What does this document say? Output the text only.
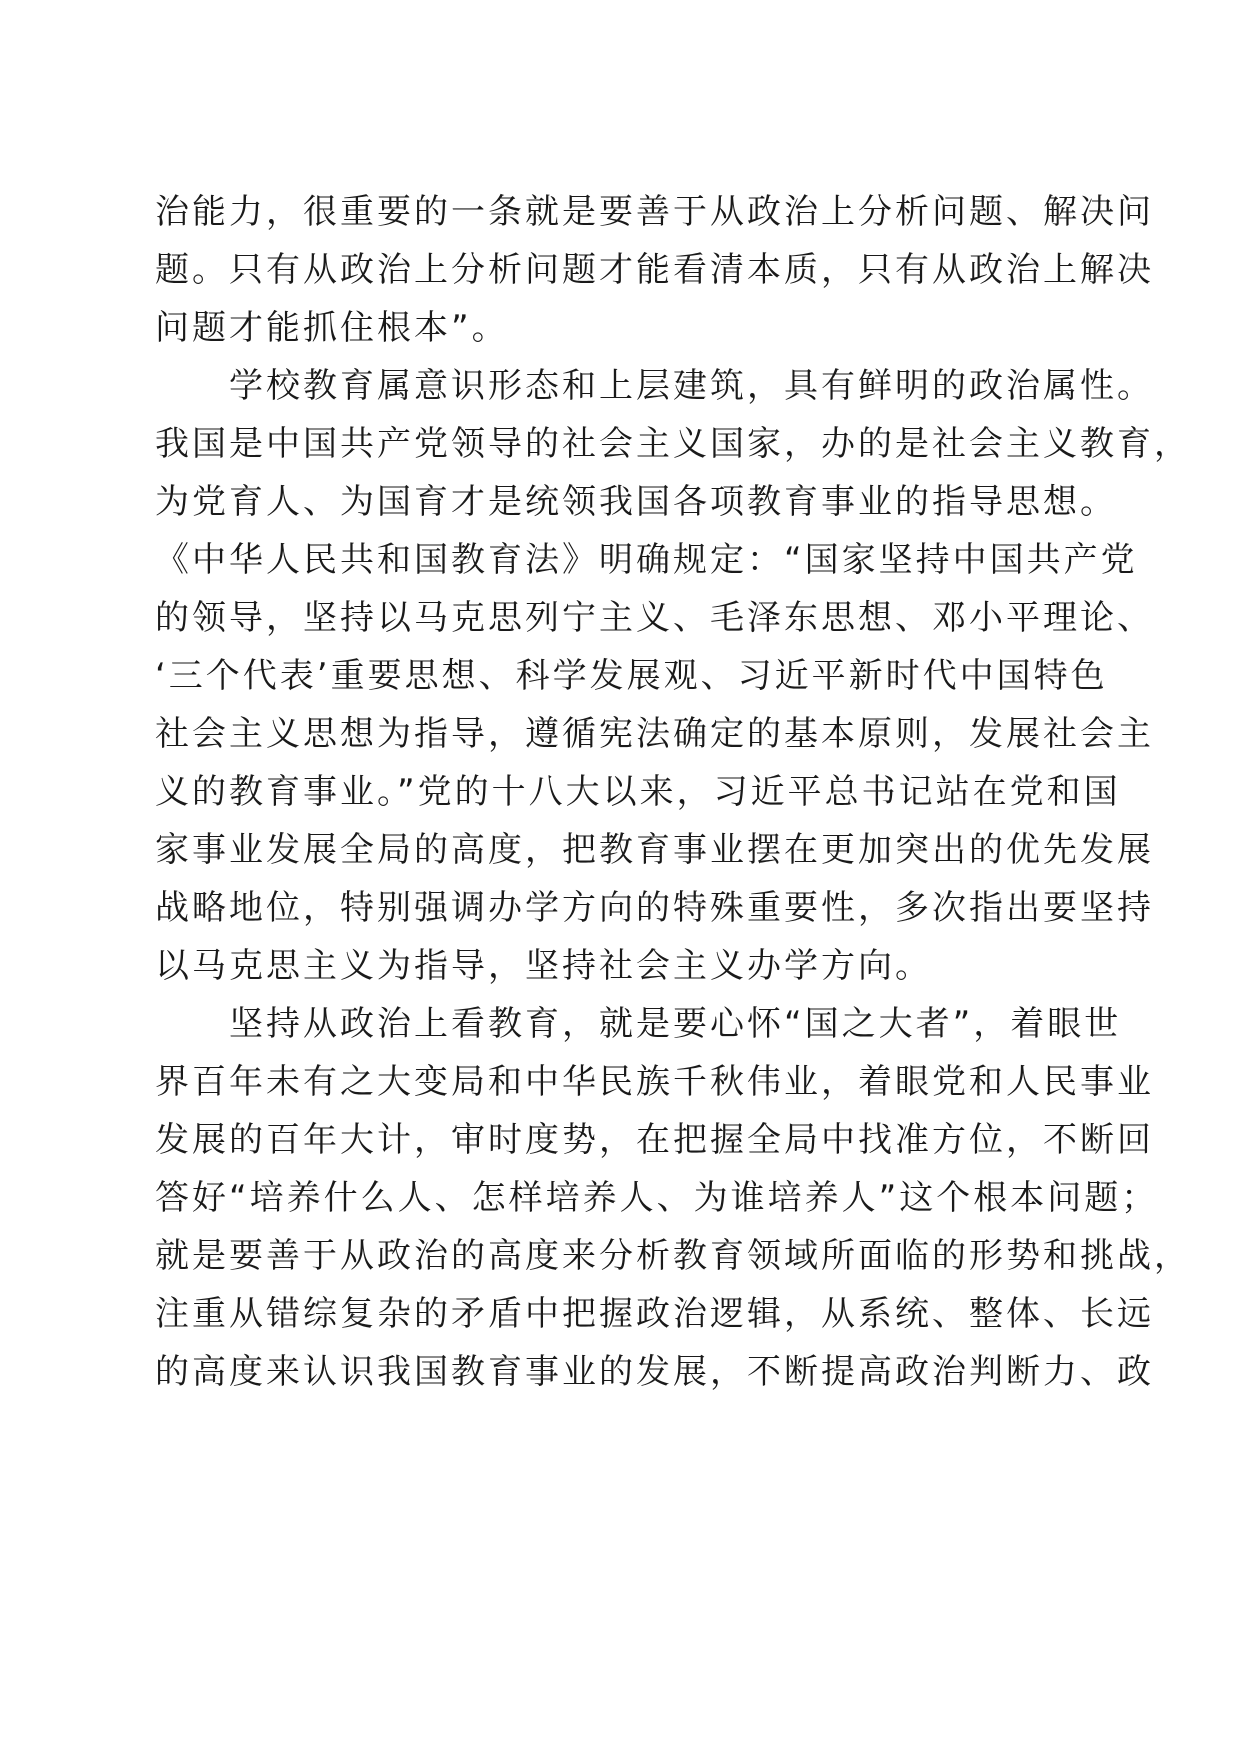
治能力，很重要的一条就是要善于从政治上分析问题、解决问
题。只有从政治上分析问题才能看清本质，只有从政治上解决
问题才能抓住根本”。
学校教育属意识形态和上层建筑，具有鲜明的政治属性。
我国是中国共产党领导的社会主义国家，办的是社会主义教育，
为党育人、为国育才是统领我国各项教育事业的指导思想。
《中华人民共和国教育法》明确规定：“国家坚持中国共产党
的领导，坚持以马克思列宁主义、毛泽东思想、邓小平理论、
‘三个代表’重要思想、科学发展观、习近平新时代中国特色
社会主义思想为指导，遵循宪法确定的基本原则，发展社会主
义的教育事业。”党的十八大以来，习近平总书记站在党和国
家事业发展全局的高度，把教育事业摆在更加突出的优先发展
战略地位，特别强调办学方向的特殊重要性，多次指出要坚持
以马克思主义为指导，坚持社会主义办学方向。
坚持从政治上看教育，就是要心怀“国之大者”，着眼世
界百年未有之大变局和中华民族千秋伟业，着眼党和人民事业
发展的百年大计，审时度势，在把握全局中找准方位，不断回
答好“培养什么人、怎样培养人、为谁培养人”这个根本问题；
就是要善于从政治的高度来分析教育领域所面临的形势和挑战，
注重从错综复杂的矛盾中把握政治逻辑，从系统、整体、长远
的高度来认识我国教育事业的发展，不断提高政治判断力、政
